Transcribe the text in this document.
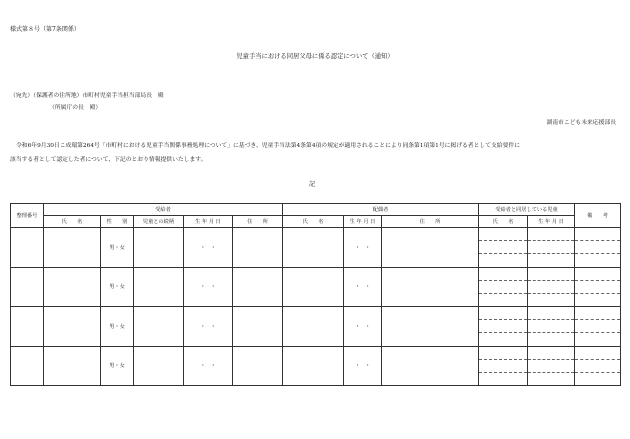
様式第８号（第7条関係）
児童手当における同居父母に係る認定について（通知）
（宛先）（保護者の住所地）市町村児童手当担当部局長　殿
（所属庁の長　殿）
湖南市こども未来応援部長
令和6年9月30日こ成環第264号「市町村における児童手当関係事務処理について」に基づき、児童手当法第4条第4項の規定が適用されることにより同条第1項第1号に掲げる者として支給要件に
該当する者として認定した者について、下記のとおり情報提供いたします。
記
整理番号	受給者					配偶者			受給者と同居している児童		備　　考
	氏　　名	性　　別	児童との続柄	生 年 月 日	住　　所	氏　　名	生 年 月 日	住　　所	氏　　名	生 年 月 日	
		男・女		・　・			・　・		

		男・女		・　・			・　・		

		男・女		・　・			・　・		

		男・女		・　・			・　・		
